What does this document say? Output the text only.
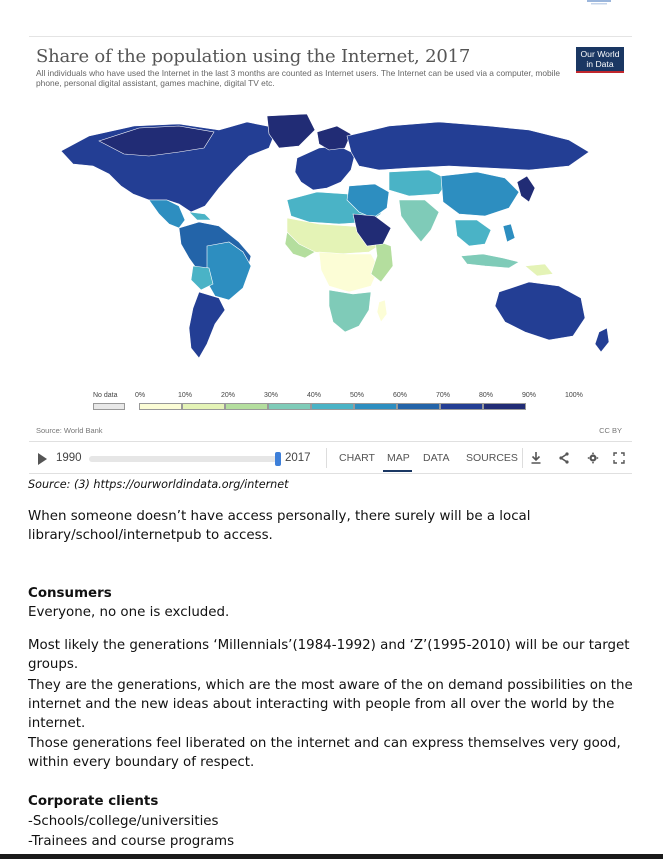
Share of the population using the Internet, 2017

All individuals who have used the Internet in the last 3 months are counted as Internet users. The Internet can be used via a computer, mobile phone, personal digital assistant, games machine, digital TV etc.

Our World
in Data
No data 0%	10%	20%	30%	40%	50%	60%	70%	80%	90%	100%
Source: World Bank	CC BY
1990	2017	CHART MAP DATA SOURCES

Source: (3) https://ourworldindata.org/internet

When someone doesn’t have access personally, there surely will be a local

library/school/internetpub to access.

Consumers

Everyone, no one is excluded.

Most likely the generations ‘Millennials’(1984-1992) and ‘Z’(1995-2010) will be our target

groups.

They are the generations, which are the most aware of the on demand possibilities on the

internet and the new ideas about interacting with people from all over the world by the

internet.

Those generations feel liberated on the internet and can express themselves very good,

within every boundary of respect.

Corporate clients

-Schools/college/universities

-Trainees and course programs
